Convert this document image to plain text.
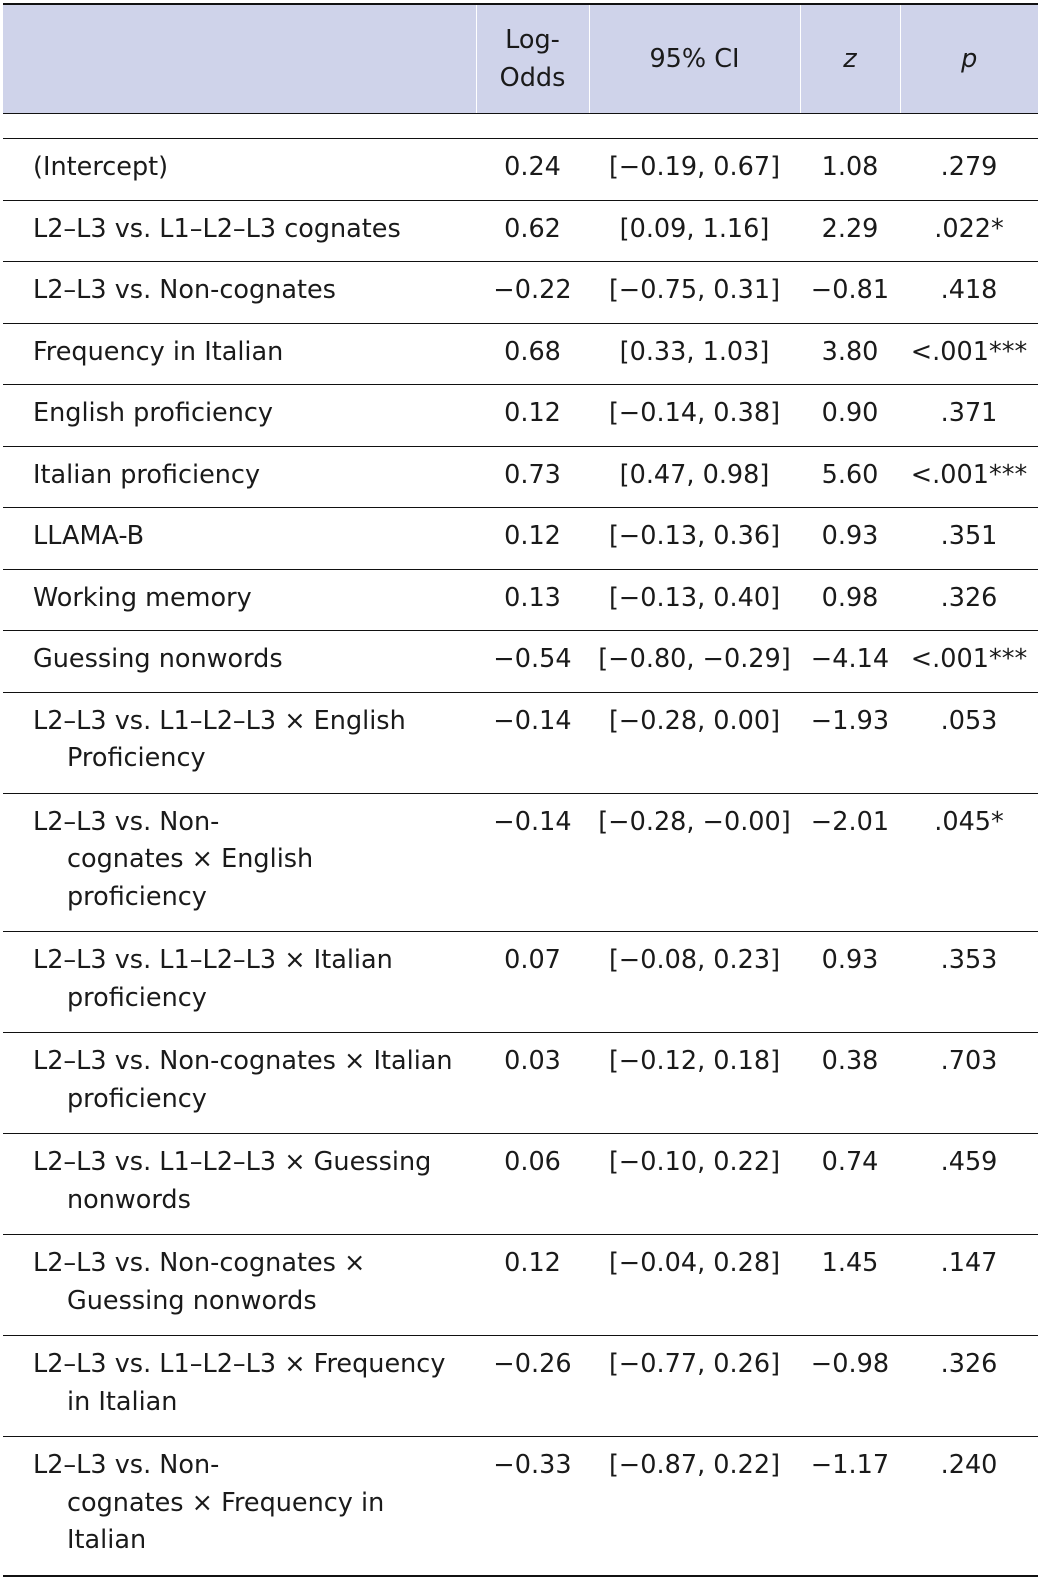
	Log-
Odds	95% CI	z	p

(Intercept)	0.24	[−0.19, 0.67]	1.08	.279

L2–L3 vs. L1–L2–L3 cognates	0.62	[0.09, 1.16]	2.29	.022*

L2–L3 vs. Non-cognates	−0.22	[−0.75, 0.31]	−0.81	.418

Frequency in Italian	0.68	[0.33, 1.03]	3.80	<.001***

English proficiency	0.12	[−0.14, 0.38]	0.90	.371

Italian proficiency	0.73	[0.47, 0.98]	5.60	<.001***

LLAMA-B	0.12	[−0.13, 0.36]	0.93	.351

Working memory	0.13	[−0.13, 0.40]	0.98	.326

Guessing nonwords	−0.54	[−0.80, −0.29]	−4.14	<.001***

L2–L3 vs. L1–L2–L3 × English
Proficiency	−0.14	[−0.28, 0.00]	−1.93	.053

L2–L3 vs. Non-
cognates × English
proficiency	−0.14	[−0.28, −0.00]	−2.01	.045*

L2–L3 vs. L1–L2–L3 × Italian
proficiency	0.07	[−0.08, 0.23]	0.93	.353

L2–L3 vs. Non-cognates × Italian
proficiency	0.03	[−0.12, 0.18]	0.38	.703

L2–L3 vs. L1–L2–L3 × Guessing
nonwords	0.06	[−0.10, 0.22]	0.74	.459

L2–L3 vs. Non-cognates ×
Guessing nonwords	0.12	[−0.04, 0.28]	1.45	.147

L2–L3 vs. L1–L2–L3 × Frequency
in Italian	−0.26	[−0.77, 0.26]	−0.98	.326

L2–L3 vs. Non-
cognates × Frequency in Italian	−0.33	[−0.87, 0.22]	−1.17	.240
